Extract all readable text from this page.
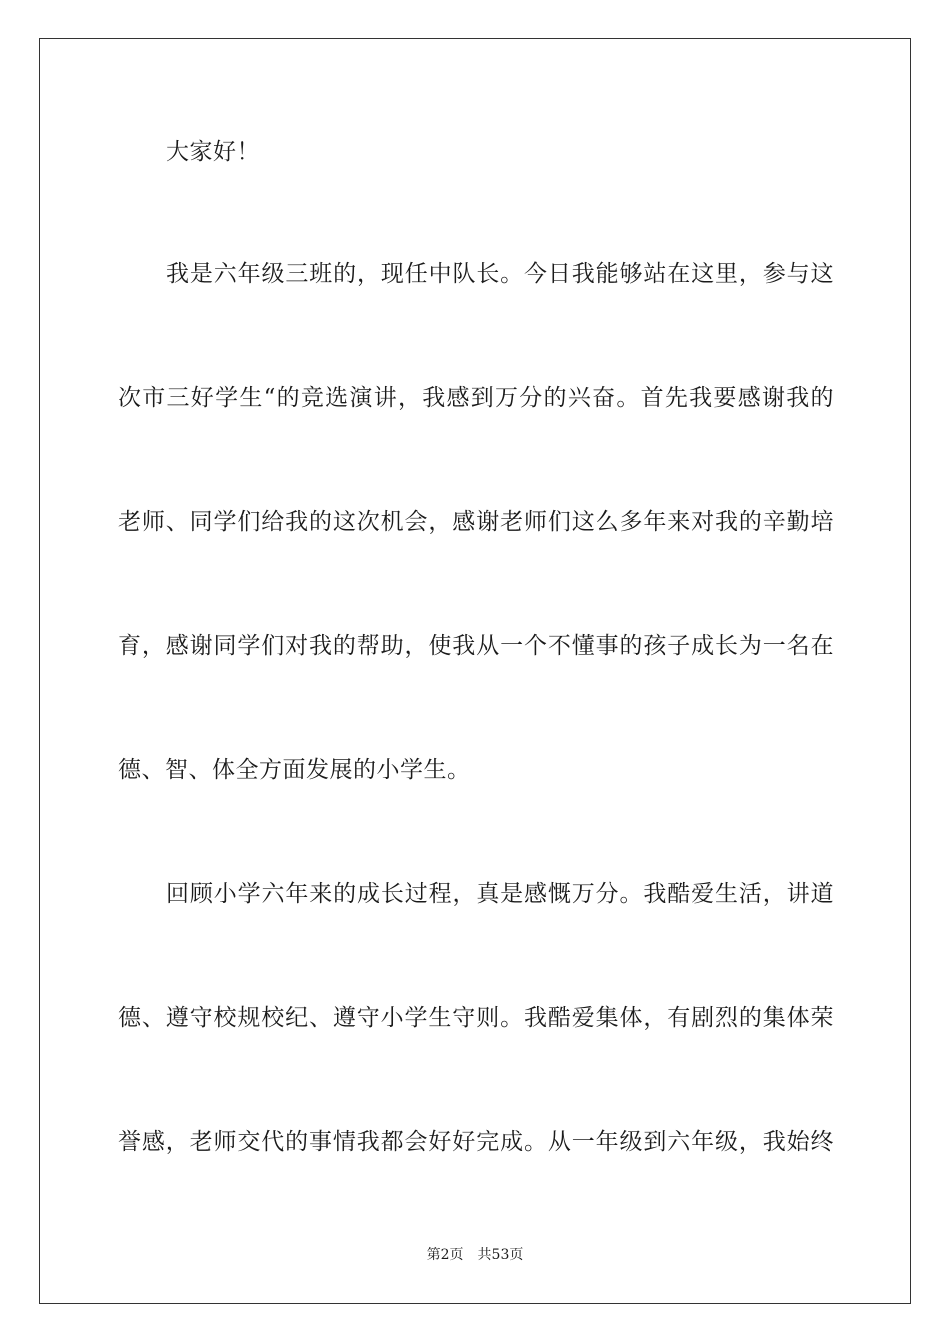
大家好！
我是六年级三班的，现任中队长。今日我能够站在这里，参与这
次市三好学生“的竞选演讲，我感到万分的兴奋。首先我要感谢我的
老师、同学们给我的这次机会，感谢老师们这么多年来对我的辛勤培
育，感谢同学们对我的帮助，使我从一个不懂事的孩子成长为一名在
德、智、体全方面发展的小学生。
回顾小学六年来的成长过程，真是感慨万分。我酷爱生活，讲道
德、遵守校规校纪、遵守小学生守则。我酷爱集体，有剧烈的集体荣
誉感，老师交代的事情我都会好好完成。从一年级到六年级，我始终
第2页 共53页
